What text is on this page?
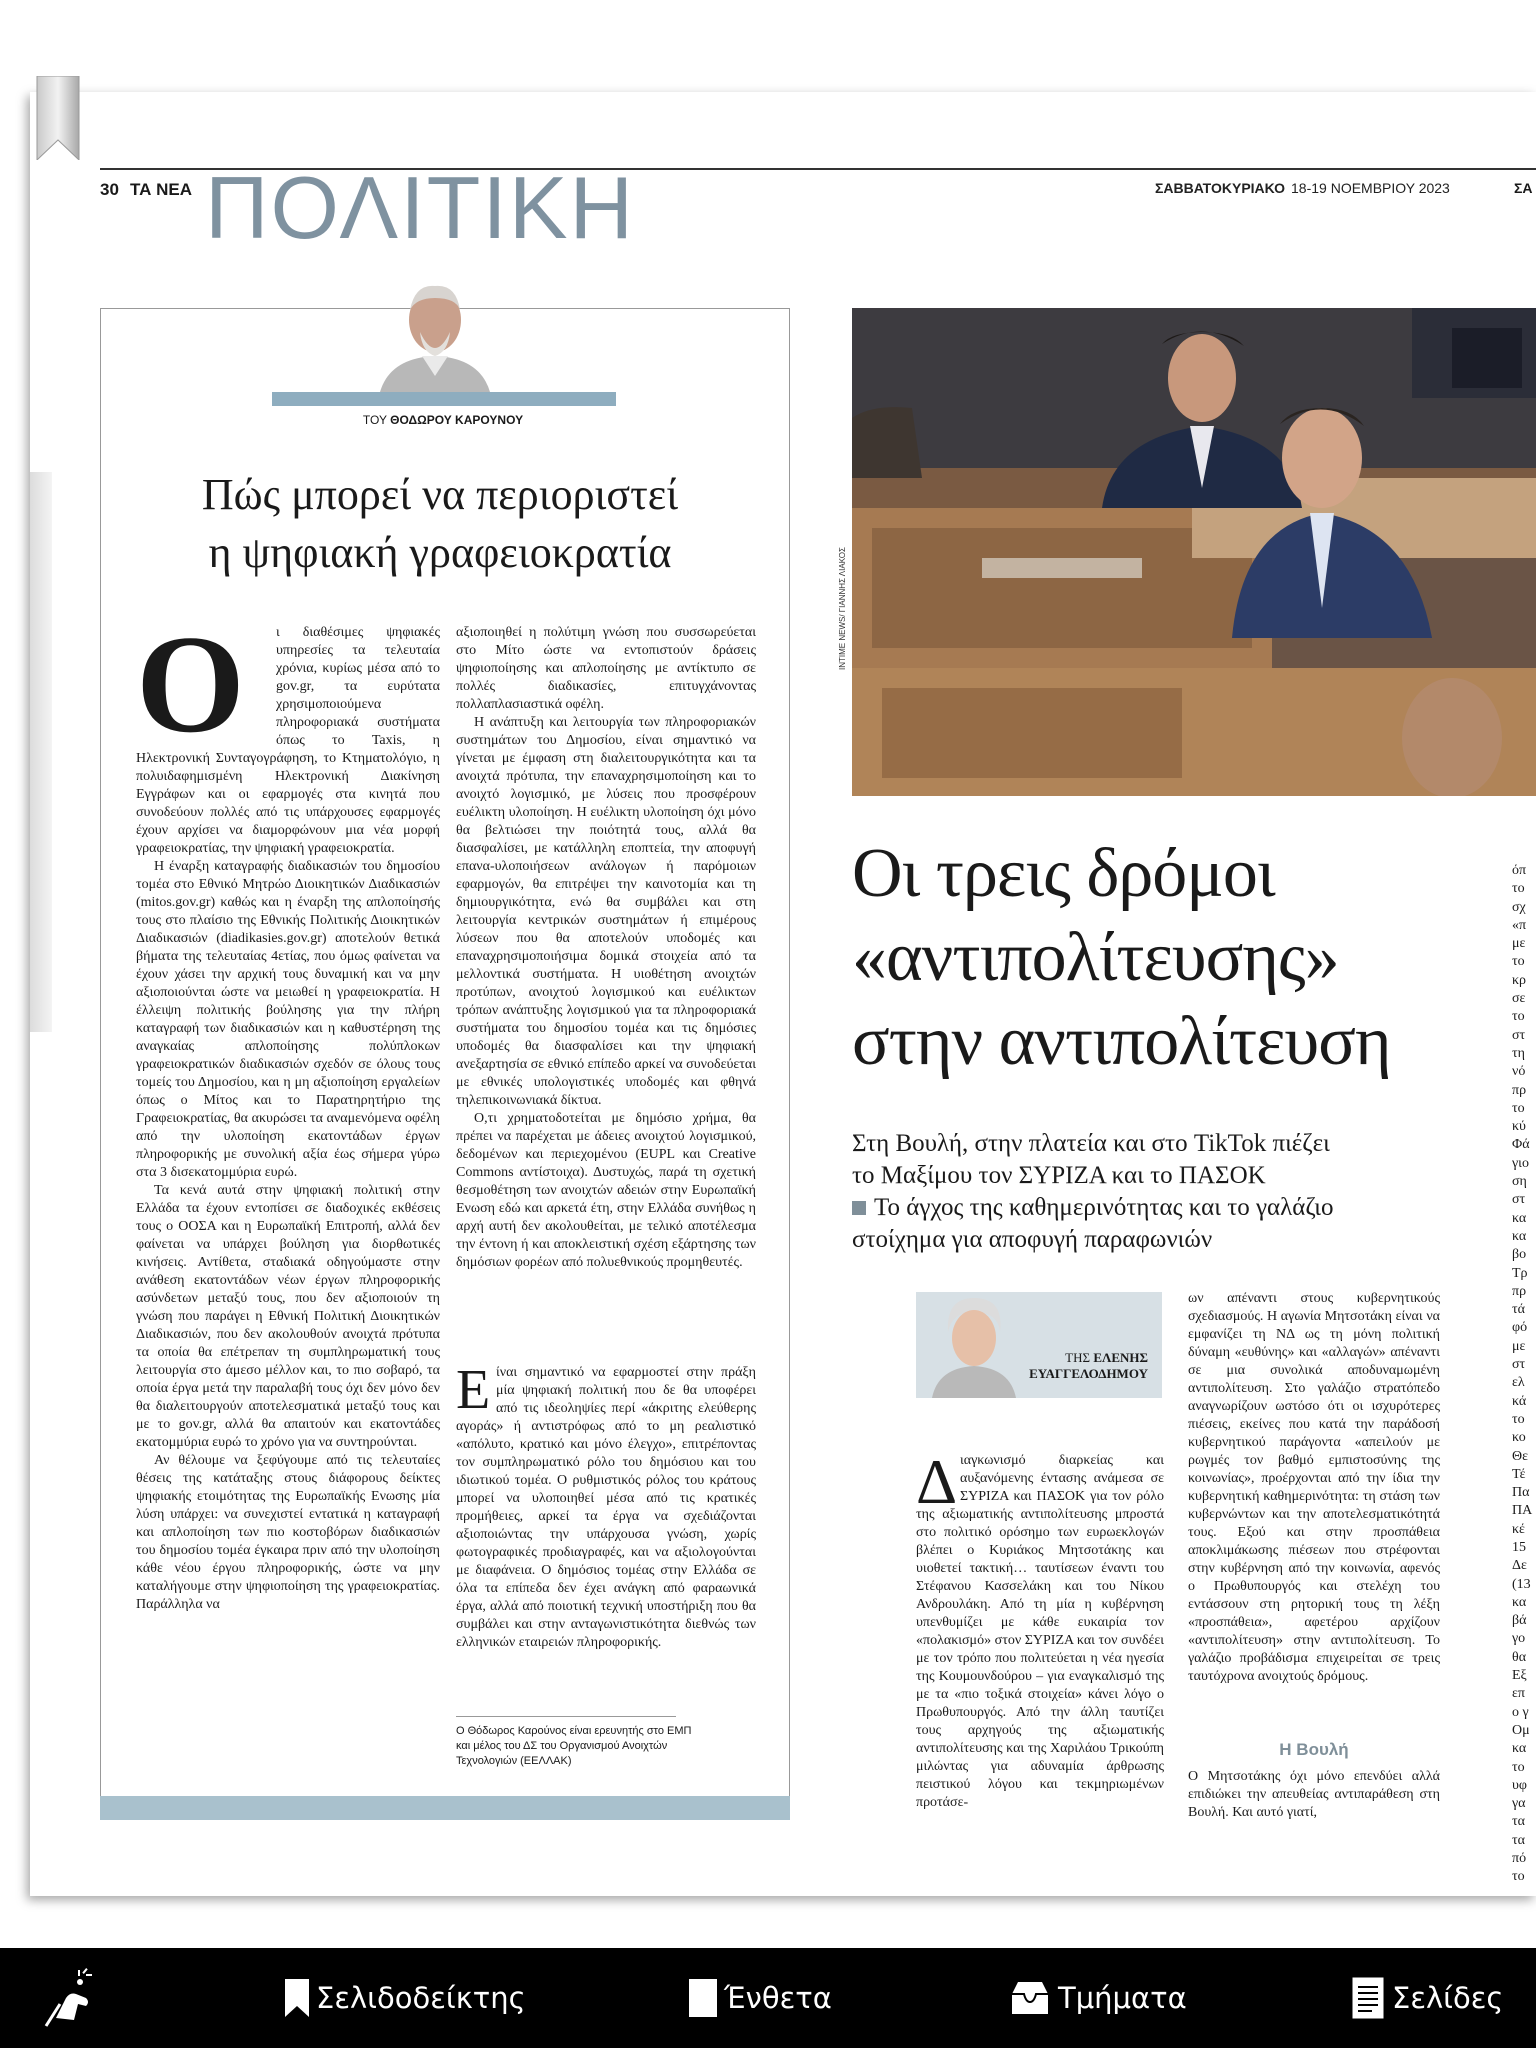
30 ΤΑ ΝΕΑ ΠΟΛΙΤΙΚΗ	ΣΑΒΒΑΤΟΚΥΡΙΑΚΟ 18-19 ΝΟΕΜΒΡΙΟΥ 2023	ΣΑ
ΤΟΥ ΘΟΔΩΡΟΥ ΚΑΡΟΥΝΟΥ
Πώς μπορεί να περιοριστεί
η ψηφιακή γραφειοκρατία
Ο	ι διαθέσιμες ψηφιακές υπηρεσίες τα τελευταία χρόνια, κυρίως μέσα από το gov.gr, τα ευρύτατα χρησιμοποιούμενα πληροφοριακά συστήματα όπως το Taxis, η Ηλεκτρονική Συνταγογράφηση, το Κτηματολόγιο, η πολυιδαφημισμένη Ηλεκτρονική Διακίνηση Εγγράφων και οι εφαρμογές στα κινητά που συνοδεύουν πολλές από τις υπάρχουσες εφαρμογές έχουν αρχίσει να διαμορφώνουν μια νέα μορφή γραφειοκρατίας, την ψηφιακή γραφειοκρατία.

Η έναρξη καταγραφής διαδικασιών του δημοσίου τομέα στο Εθνικό Μητρώο Διοικητικών Διαδικασιών (mitos.gov.gr) καθώς και η έναρξη της απλοποίησής τους στο πλαίσιο της Εθνικής Πολιτικής Διοικητικών Διαδικασιών (diadikasies.gov.gr) αποτελούν θετικά βήματα της τελευταίας 4ετίας, που όμως φαίνεται να έχουν χάσει την αρχική τους δυναμική και να μην αξιοποιούνται ώστε να μειωθεί η γραφειοκρατία. Η έλλειψη πολιτικής βούλησης για την πλήρη καταγραφή των διαδικασιών και η καθυστέρηση της αναγκαίας απλοποίησης πολύπλοκων γραφειοκρατικών διαδικασιών σχεδόν σε όλους τους τομείς του Δημοσίου, και η μη αξιοποίηση εργαλείων όπως ο Μίτος και το Παρατηρητήριο της Γραφειοκρατίας, θα ακυρώσει τα αναμενόμενα οφέλη από την υλοποίηση εκατοντάδων έργων πληροφορικής με συνολική αξία έως σήμερα γύρω στα 3 δισεκατομμύρια ευρώ.

Τα κενά αυτά στην ψηφιακή πολιτική στην Ελλάδα τα έχουν εντοπίσει σε διαδοχικές εκθέσεις τους ο ΟΟΣΑ και η Ευρωπαϊκή Επιτροπή, αλλά δεν φαίνεται να υπάρχει βούληση για διορθωτικές κινήσεις. Αντίθετα, σταδιακά οδηγούμαστε στην ανάθεση εκατοντάδων νέων έργων πληροφορικής ασύνδετων μεταξύ τους, που δεν αξιοποιούν τη γνώση που παράγει η Εθνική Πολιτική Διοικητικών Διαδικασιών, που δεν ακολουθούν ανοιχτά πρότυπα τα οποία θα επέτρεπαν τη συμπληρωματική τους λειτουργία στο άμεσο μέλλον και, το πιο σοβαρό, τα οποία έργα μετά την παραλαβή τους όχι δεν μόνο δεν θα διαλειτουργούν αποτελεσματικά μεταξύ τους και με το gov.gr, αλλά θα απαιτούν και εκατοντάδες εκατομμύρια ευρώ το χρόνο για να συντηρούνται.

Αν θέλουμε να ξεφύγουμε από τις τελευταίες θέσεις της κατάταξης στους διάφορους δείκτες ψηφιακής ετοιμότητας της Ευρωπαϊκής Ενωσης μία λύση υπάρχει: να συνεχιστεί εντατικά η καταγραφή και απλοποίηση των πιο κοστοβόρων διαδικασιών του δημοσίου τομέα έγκαιρα πριν από την υλοποίηση κάθε νέου έργου πληροφορικής, ώστε να μην καταλήγουμε στην ψηφιοποίηση της γραφειοκρατίας. Παράλληλα να

αξιοποιηθεί η πολύτιμη γνώση που συσσωρεύεται στο Μίτο ώστε να εντοπιστούν δράσεις ψηφιοποίησης και απλοποίησης με αντίκτυπο σε πολλές διαδικασίες, επιτυγχάνοντας πολλαπλασιαστικά οφέλη.

Η ανάπτυξη και λειτουργία των πληροφοριακών συστημάτων του Δημοσίου, είναι σημαντικό να γίνεται με έμφαση στη διαλειτουργικότητα και τα ανοιχτά πρότυπα, την επαναχρησιμοποίηση και το ανοιχτό λογισμικό, με λύσεις που προσφέρουν ευέλικτη υλοποίηση. Η ευέλικτη υλοποίηση όχι μόνο θα βελτιώσει την ποιότητά τους, αλλά θα διασφαλίσει, με κατάλληλη εποπτεία, την αποφυγή επανα-υλοποιήσεων ανάλογων ή παρόμοιων εφαρμογών, θα επιτρέψει την καινοτομία και τη δημιουργικότητα, ενώ θα συμβάλει και στη λειτουργία κεντρικών συστημάτων ή επιμέρους λύσεων που θα αποτελούν υποδομές και επαναχρησιμοποιήσιμα δομικά στοιχεία από τα μελλοντικά συστήματα. Η υιοθέτηση ανοιχτών προτύπων, ανοιχτού λογισμικού και ευέλικτων τρόπων ανάπτυξης λογισμικού για τα πληροφοριακά συστήματα του δημοσίου τομέα και τις δημόσιες υποδομές θα διασφαλίσει και την ψηφιακή ανεξαρτησία σε εθνικό επίπεδο αρκεί να συνοδεύεται με εθνικές υπολογιστικές υποδομές και φθηνά τηλεπικοινωνιακά δίκτυα.

Ο,τι χρηματοδοτείται με δημόσιο χρήμα, θα πρέπει να παρέχεται με άδειες ανοιχτού λογισμικού, δεδομένων και περιεχομένου (EUPL και Creative Commons αντίστοιχα). Δυστυχώς, παρά τη σχετική θεσμοθέτηση των ανοιχτών αδειών στην Ευρωπαϊκή Ενωση εδώ και αρκετά έτη, στην Ελλάδα συνήθως η αρχή αυτή δεν ακολουθείται, με τελικό αποτέλεσμα την έντονη ή και αποκλειστική σχέση εξάρτησης των δημόσιων φορέων από πολυεθνικούς προμηθευτές.

Ε ίναι σημαντικό να εφαρμοστεί στην πράξη μία ψηφιακή πολιτική που δε θα υποφέρει από τις ιδεοληψίες περί «άκριτης ελεύθερης αγοράς» ή αντιστρόφως από το μη ρεαλιστικό «απόλυτο, κρατικό και μόνο έλεγχο», επιτρέποντας τον συμπληρωματικό ρόλο του δημόσιου και του ιδιωτικού τομέα. Ο ρυθμιστικός ρόλος του κράτους μπορεί να υλοποιηθεί μέσα από τις κρατικές προμήθειες, αρκεί τα έργα να σχεδιάζονται αξιοποιώντας την υπάρχουσα γνώση, χωρίς φωτογραφικές προδιαγραφές, και να αξιολογούνται με διαφάνεια. Ο δημόσιος τομέας στην Ελλάδα σε όλα τα επίπεδα δεν έχει ανάγκη από φαραωνικά έργα, αλλά από ποιοτική τεχνική υποστήριξη που θα συμβάλει και στην ανταγωνιστικότητα διεθνώς των ελληνικών εταιρειών πληροφορικής.

Ο Θόδωρος Καρούνος είναι ερευνητής στο ΕΜΠ και μέλος του ΔΣ του Οργανισμού Ανοιχτών Τεχνολογιών (ΕΕΛΛΑΚ)
INTIME NEWS/ ΓΙΑΝΝΗΣ ΛΙΑΚΟΣ
Οι τρεις δρόμοι
«αντιπολίτευσης»
στην αντιπολίτευση
Στη Βουλή, στην πλατεία και στο TikTok πιέζει
το Μαξίμου τον ΣΥΡΙΖΑ και το ΠΑΣΟΚ
Το άγχος της καθημερινότητας και το γαλάζιο
στοίχημα για αποφυγή παραφωνιών
ΤΗΣ ΕΛΕΝΗΣ
ΕΥΑΓΓΕΛΟΔΗΜΟΥ
Δ ιαγκωνισμό διαρκείας και αυξανόμενης έντασης ανάμεσα σε ΣΥΡΙΖΑ και ΠΑΣΟΚ για τον ρόλο της αξιωματικής αντιπολίτευσης μπροστά στο πολιτικό ορόσημο των ευρωεκλογών βλέπει ο Κυριάκος Μητσοτάκης και υιοθετεί τακτική… ταυτίσεων έναντι του Στέφανου Κασσελάκη και του Νίκου Ανδρουλάκη. Από τη μία η κυβέρνηση υπενθυμίζει με κάθε ευκαιρία τον «πολακισμό» στον ΣΥΡΙΖΑ και τον συνδέει με τον τρόπο που πολιτεύεται η νέα ηγεσία της Κουμουνδούρου – για εναγκαλισμό της με τα «πιο τοξικά στοιχεία» κάνει λόγο ο Πρωθυπουργός. Από την άλλη ταυτίζει τους αρχηγούς της αξιωματικής αντιπολίτευσης και της Χαριλάου Τρικούπη μιλώντας για αδυναμία άρθρωσης πειστικού λόγου και τεκμηριωμένων προτάσε-

ων απέναντι στους κυβερνητικούς σχεδιασμούς. Η αγωνία Μητσοτάκη είναι να εμφανίζει τη ΝΔ ως τη μόνη πολιτική δύναμη «ευθύνης» και «αλλαγών» απέναντι σε μια συνολικά αποδυναμωμένη αντιπολίτευση. Στο γαλάζιο στρατόπεδο αναγνωρίζουν ωστόσο ότι οι ισχυρότερες πιέσεις, εκείνες που κατά την παράδοσή κυβερνητικού παράγοντα «απειλούν με ρωγμές τον βαθμό εμπιστοσύνης της κοινωνίας», προέρχονται από την ίδια την κυβερνητική καθημερινότητα: τη στάση των κυβερνώντων και την αποτελεσματικότητά τους. Εξού και στην προσπάθεια αποκλιμάκωσης πιέσεων που στρέφονται στην κυβέρνηση από την κοινωνία, αφενός ο Πρωθυπουργός και στελέχη του εντάσσουν στη ρητορική τους τη λέξη «προσπάθεια», αφετέρου αρχίζουν «αντιπολίτευση» στην αντιπολίτευση. Το γαλάζιο προβάδισμα επιχειρείται σε τρεις ταυτόχρονα ανοιχτούς δρόμους.

Η Βουλή

Ο Μητσοτάκης όχι μόνο επενδύει αλλά επιδιώκει την απευθείας αντιπαράθεση στη Βουλή. Και αυτό γιατί,

όπ
το
σχ
«π
με
το
κρ
σε
το
στ
τη
νό
πρ
το
κύ
Φά
γιο
ση
στ
κα
κα
βο
Τρ
πρ
τά
φό
με
στ
ελ
κά
το
κο
Θε
Τέ
Πα
ΠΑ
κέ
15
Δε
(13
κα
βά
γο
θα
Εξ
επ
ο γ
Ομ
κα
το
υφ
γα
τα
τα
πό
το
Σελιδοδείκτης	Ένθετα	Τμήματα	Σελίδες
